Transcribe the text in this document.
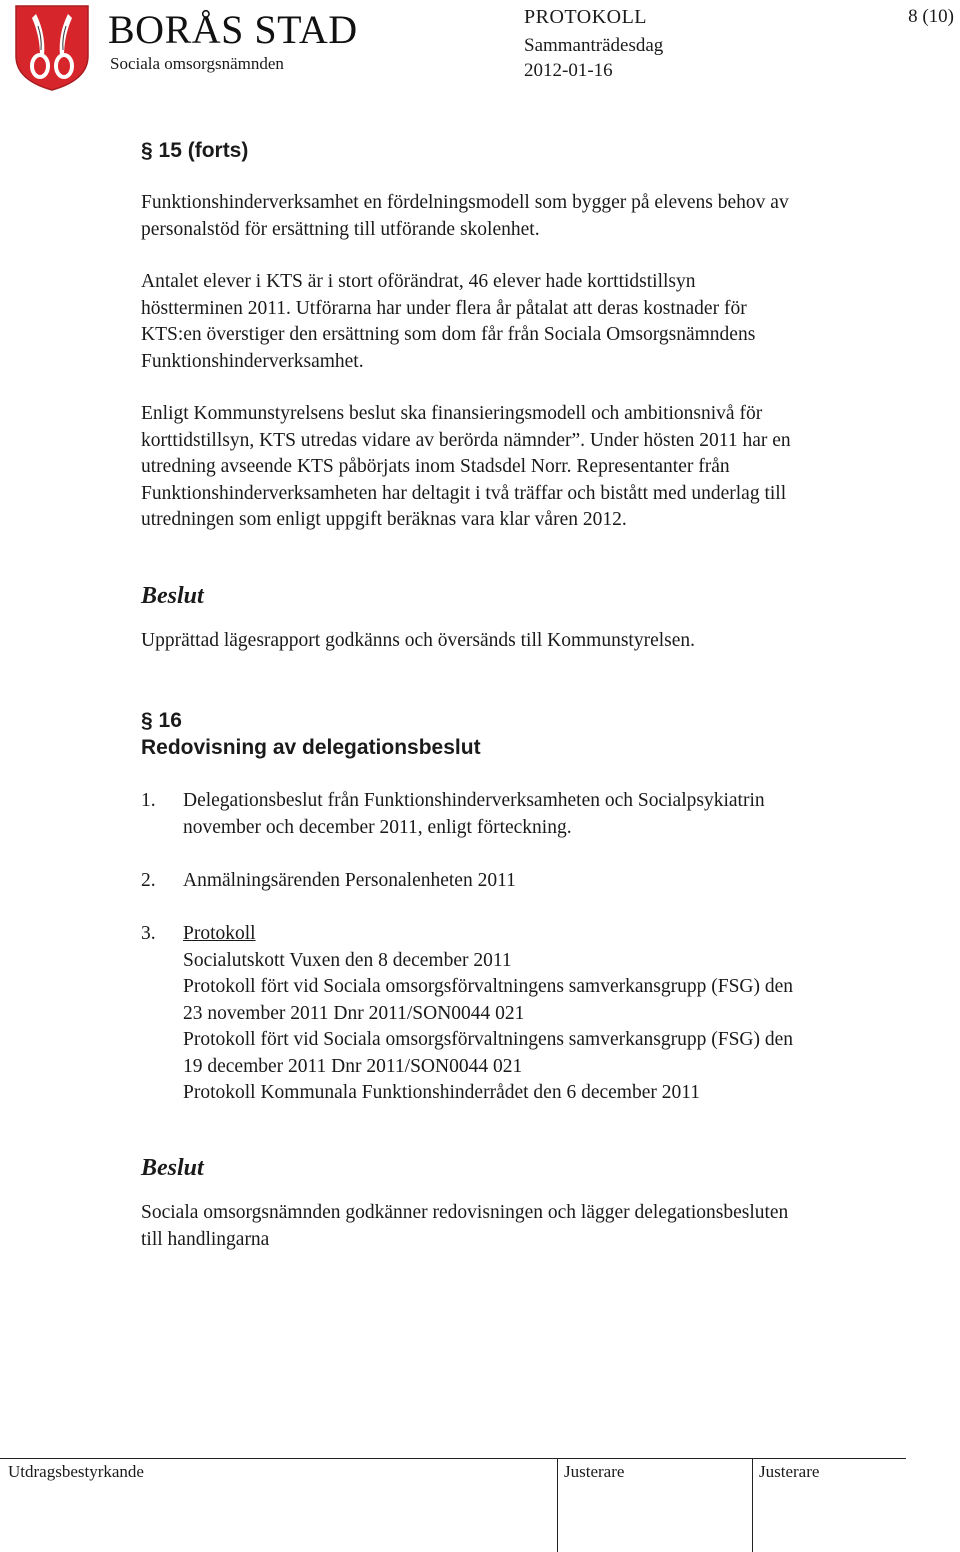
BORÅS STAD
Sociala omsorgsnämnden
PROTOKOLL
Sammanträdesdag
2012-01-16
8 (10)
§ 15 (forts)

Funktionshinderverksamhet en fördelningsmodell som bygger på elevens behov av
personalstöd för ersättning till utförande skolenhet.

Antalet elever i KTS är i stort oförändrat, 46 elever hade korttidstillsyn
höstterminen 2011. Utförarna har under flera år påtalat att deras kostnader för
KTS:en överstiger den ersättning som dom får från Sociala Omsorgsnämndens
Funktionshinderverksamhet.

Enligt Kommunstyrelsens beslut ska finansieringsmodell och ambitionsnivå för
korttidstillsyn, KTS utredas vidare av berörda nämnder”. Under hösten 2011 har en
utredning avseende KTS påbörjats inom Stadsdel Norr. Representanter från
Funktionshinderverksamheten har deltagit i två träffar och bistått med underlag till
utredningen som enligt uppgift beräknas vara klar våren 2012.

Beslut

Upprättad lägesrapport godkänns och översänds till Kommunstyrelsen.

§ 16
Redovisning av delegationsbeslut
1. Delegationsbeslut från Funktionshinderverksamheten och Socialpsykiatrin
november och december 2011, enligt förteckning.

2. Anmälningsärenden Personalenheten 2011

3. Protokoll
Socialutskott Vuxen den 8 december 2011
Protokoll fört vid Sociala omsorgsförvaltningens samverkansgrupp (FSG) den
23 november 2011 Dnr 2011/SON0044 021
Protokoll fört vid Sociala omsorgsförvaltningens samverkansgrupp (FSG) den
19 december 2011 Dnr 2011/SON0044 021
Protokoll Kommunala Funktionshinderrådet den 6 december 2011

Beslut

Sociala omsorgsnämnden godkänner redovisningen och lägger delegationsbesluten
till handlingarna

Utdragsbestyrkande	Justerare	Justerare
